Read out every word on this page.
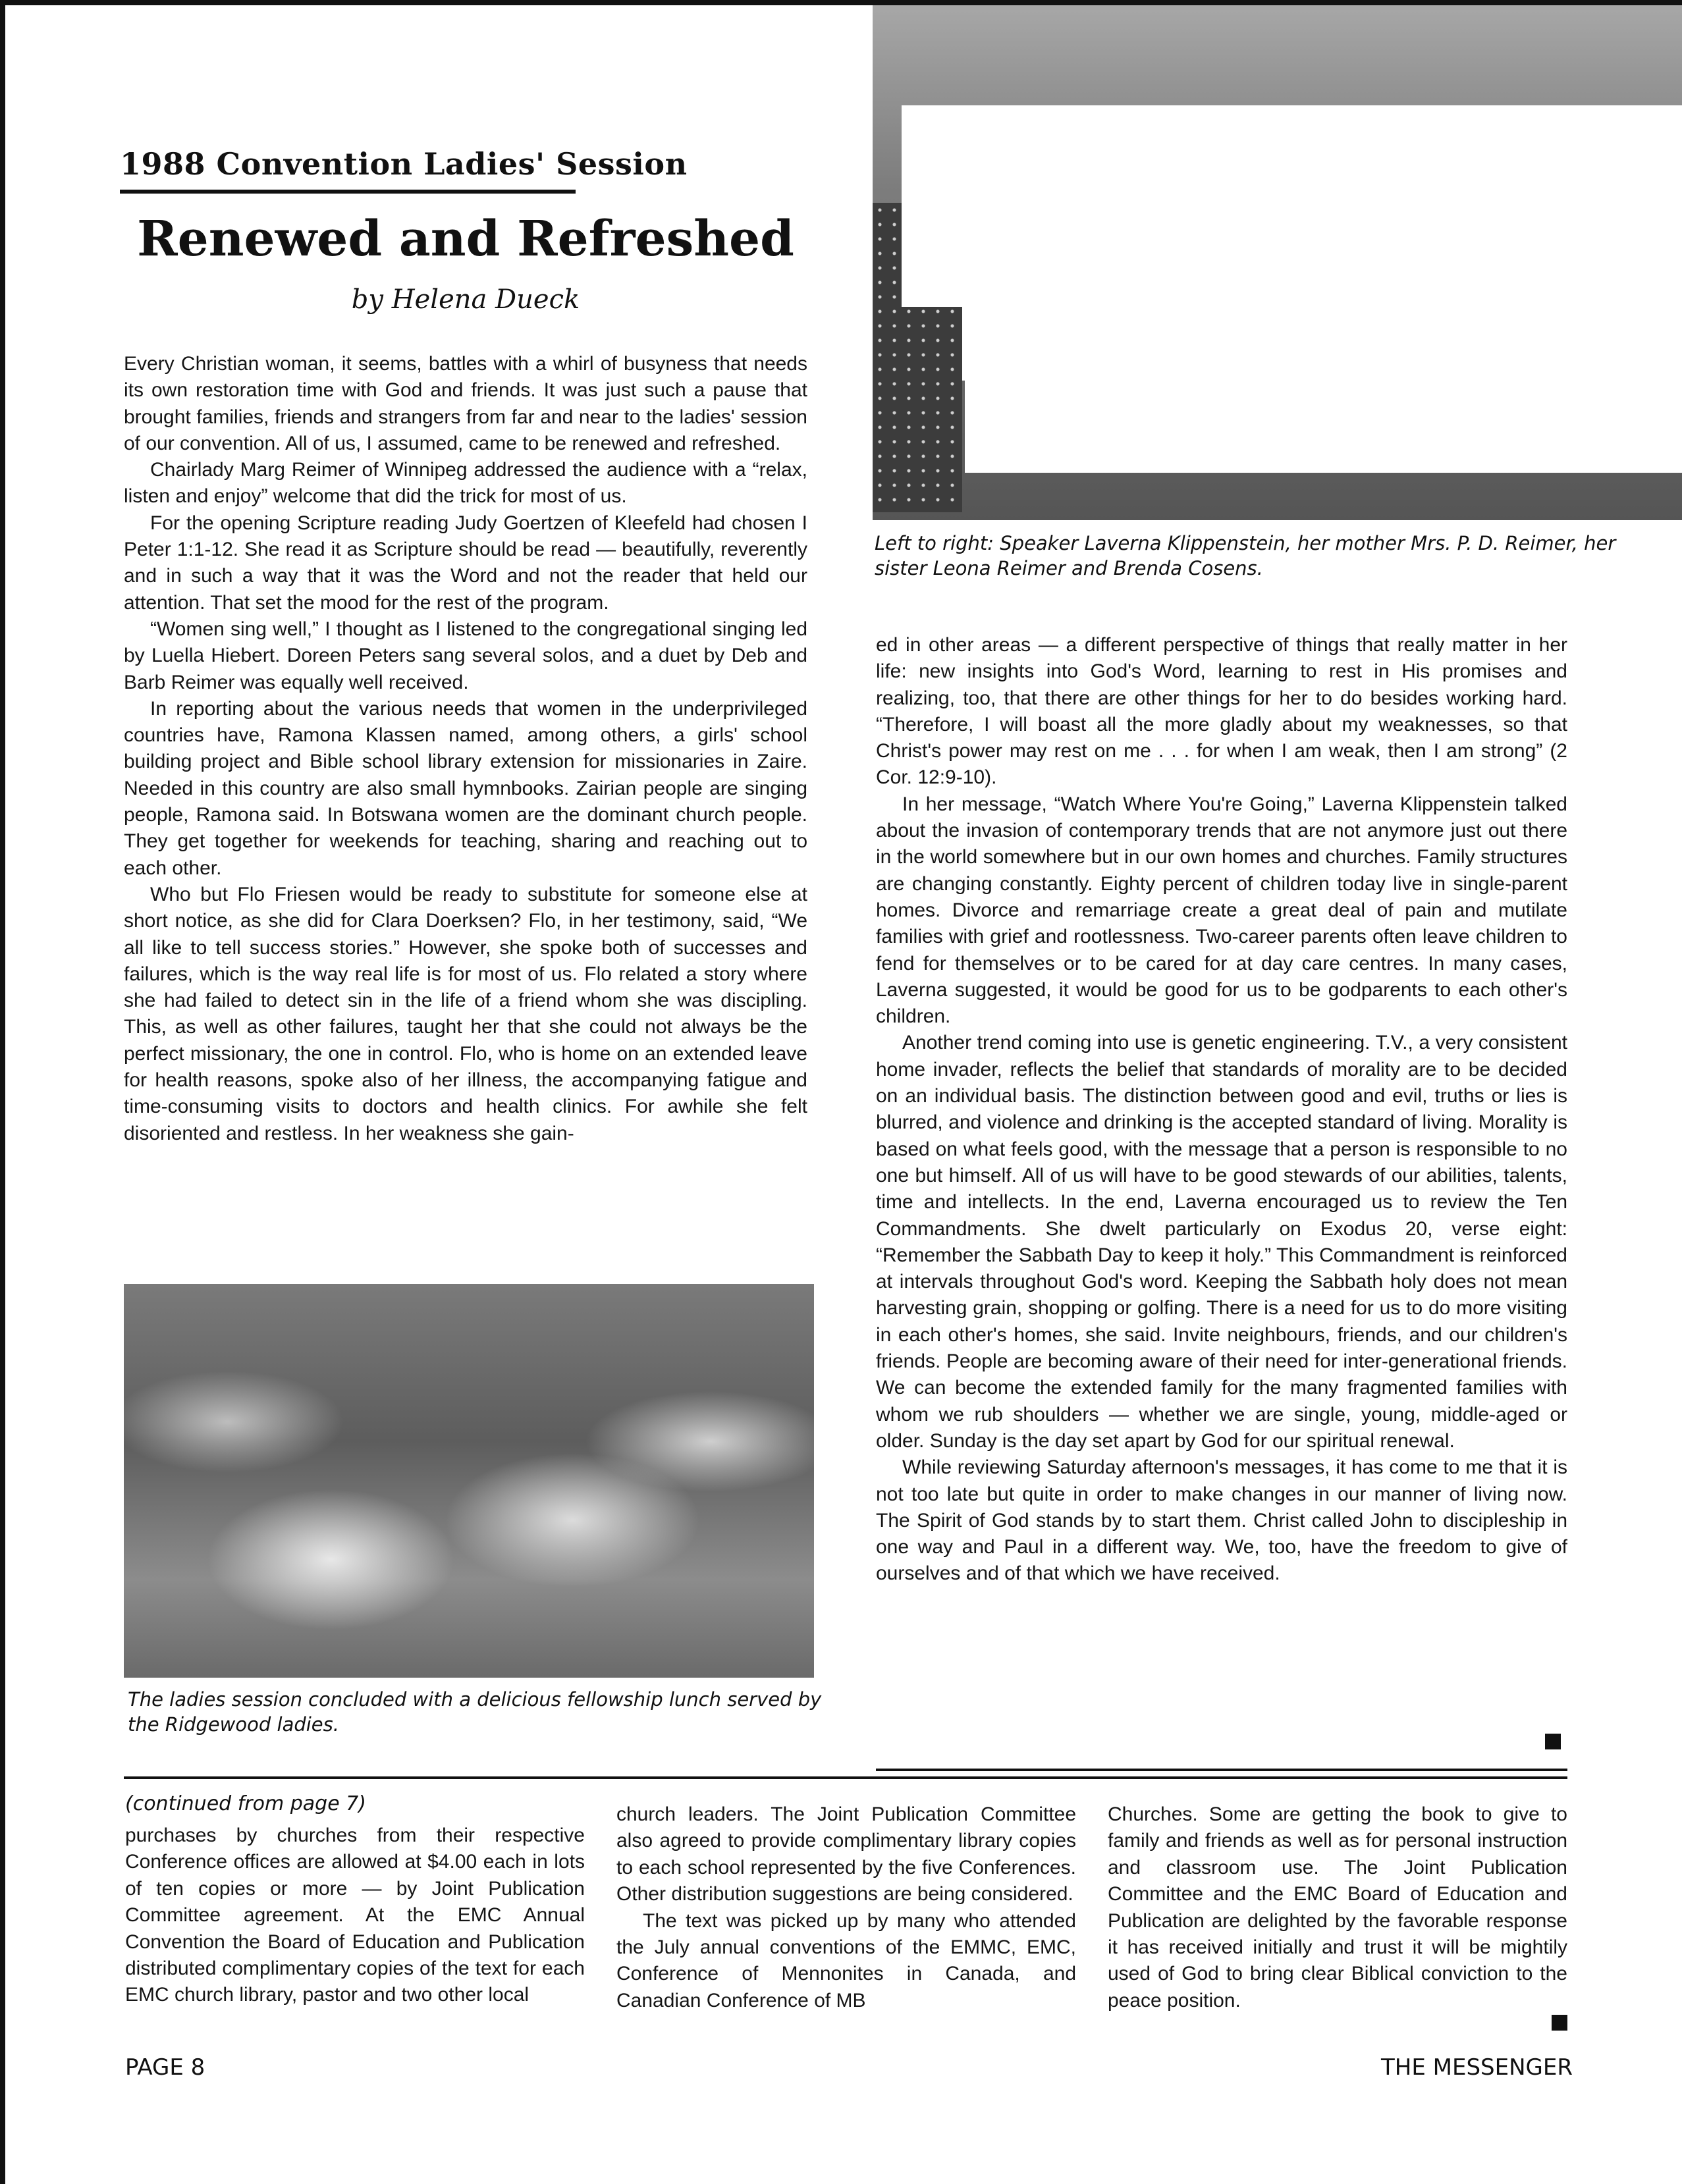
1988 Convention Ladies' Session
Renewed and Refreshed
by Helena Dueck

Every Christian woman, it seems, battles with a whirl of busyness that needs its own restoration time with God and friends. It was just such a pause that brought families, friends and strangers from far and near to the ladies' session of our convention. All of us, I assumed, came to be renewed and refreshed.

Chairlady Marg Reimer of Winnipeg addressed the audience with a “relax, listen and enjoy” welcome that did the trick for most of us.

For the opening Scripture reading Judy Goertzen of Kleefeld had chosen I Peter 1:1-12. She read it as Scripture should be read — beautifully, reverently and in such a way that it was the Word and not the reader that held our attention. That set the mood for the rest of the program.

“Women sing well,” I thought as I listened to the congregational singing led by Luella Hiebert. Doreen Peters sang several solos, and a duet by Deb and Barb Reimer was equally well received.

In reporting about the various needs that women in the underprivileged countries have, Ramona Klassen named, among others, a girls' school building project and Bible school library extension for missionaries in Zaire. Needed in this country are also small hymnbooks. Zairian people are singing people, Ramona said. In Botswana women are the dominant church people. They get together for weekends for teaching, sharing and reaching out to each other.

Who but Flo Friesen would be ready to substitute for someone else at short notice, as she did for Clara Doerksen? Flo, in her testimony, said, “We all like to tell success stories.” However, she spoke both of successes and failures, which is the way real life is for most of us. Flo related a story where she had failed to detect sin in the life of a friend whom she was discipling. This, as well as other failures, taught her that she could not always be the perfect missionary, the one in control. Flo, who is home on an extended leave for health reasons, spoke also of her illness, the accompanying fatigue and time-consuming visits to doctors and health clinics. For awhile she felt disoriented and restless. In her weakness she gain-

Left to right: Speaker Laverna Klippenstein, her mother Mrs. P. D. Reimer, her sister Leona Reimer and Brenda Cosens.

ed in other areas — a different perspective of things that really matter in her life: new insights into God's Word, learning to rest in His promises and realizing, too, that there are other things for her to do besides working hard. “Therefore, I will boast all the more gladly about my weaknesses, so that Christ's power may rest on me . . . for when I am weak, then I am strong” (2 Cor. 12:9-10).

In her message, “Watch Where You're Going,” Laverna Klippenstein talked about the invasion of contemporary trends that are not anymore just out there in the world somewhere but in our own homes and churches. Family structures are changing constantly. Eighty percent of children today live in single-parent homes. Divorce and remarriage create a great deal of pain and mutilate families with grief and rootlessness. Two-career parents often leave children to fend for themselves or to be cared for at day care centres. In many cases, Laverna suggested, it would be good for us to be godparents to each other's children.

Another trend coming into use is genetic engineering. T.V., a very consistent home invader, reflects the belief that standards of morality are to be decided on an individual basis. The distinction between good and evil, truths or lies is blurred, and violence and drinking is the accepted standard of living. Morality is based on what feels good, with the message that a person is responsible to no one but himself. All of us will have to be good stewards of our abilities, talents, time and intellects. In the end, Laverna encouraged us to review the Ten Commandments. She dwelt particularly on Exodus 20, verse eight: “Remember the Sabbath Day to keep it holy.” This Commandment is reinforced at intervals throughout God's word. Keeping the Sabbath holy does not mean harvesting grain, shopping or golfing. There is a need for us to do more visiting in each other's homes, she said. Invite neighbours, friends, and our children's friends. People are becoming aware of their need for inter-generational friends. We can become the extended family for the many fragmented families with whom we rub shoulders — whether we are single, young, middle-aged or older. Sunday is the day set apart by God for our spiritual renewal.

While reviewing Saturday afternoon's messages, it has come to me that it is not too late but quite in order to make changes in our manner of living now. The Spirit of God stands by to start them. Christ called John to discipleship in one way and Paul in a different way. We, too, have the freedom to give of ourselves and of that which we have received.

The ladies session concluded with a delicious fellowship lunch served by the Ridgewood ladies.
(continued from page 7)

purchases by churches from their respective Conference offices are allowed at $4.00 each in lots of ten copies or more — by Joint Publication Committee agreement. At the EMC Annual Convention the Board of Education and Publication distributed complimentary copies of the text for each EMC church library, pastor and two other local

church leaders. The Joint Publication Committee also agreed to provide complimentary library copies to each school represented by the five Conferences. Other distribution suggestions are being considered.

The text was picked up by many who attended the July annual conventions of the EMMC, EMC, Conference of Mennonites in Canada, and Canadian Conference of MB

Churches. Some are getting the book to give to family and friends as well as for personal instruction and classroom use. The Joint Publication Committee and the EMC Board of Education and Publication are delighted by the favorable response it has received initially and trust it will be mightily used of God to bring clear Biblical conviction to the peace position.

PAGE 8	THE MESSENGER
